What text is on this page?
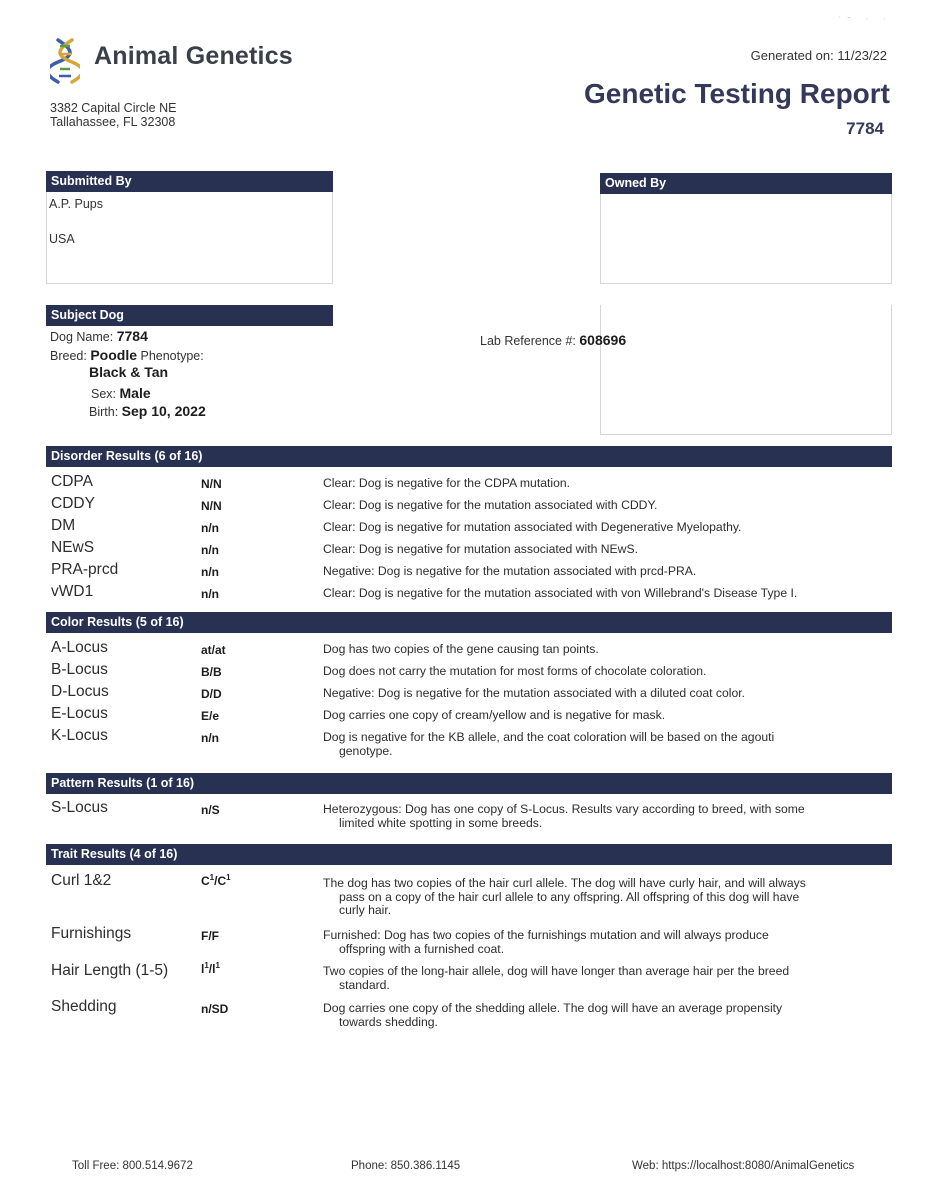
Animal Genetics
3382 Capital Circle NE
Tallahassee, FL 32308
˙ˉ ˑ ˑ
Generated on: 11/23/22
Genetic Testing Report
7784
Submitted By
A.P. Pups
USA
Owned By
Subject Dog
Dog Name: 7784
Breed: Poodle Phenotype:
Black & Tan
Sex: Male
Birth: Sep 10, 2022
Lab Reference #: 608696
Disorder Results (6 of 16)
CDPA	N/N	Clear: Dog is negative for the CDPA mutation.
CDDY	N/N	Clear: Dog is negative for the mutation associated with CDDY.
DM	n/n	Clear: Dog is negative for mutation associated with Degenerative Myelopathy.
NEwS	n/n	Clear: Dog is negative for mutation associated with NEwS.
PRA-prcd	n/n	Negative: Dog is negative for the mutation associated with prcd-PRA.
vWD1	n/n	Clear: Dog is negative for the mutation associated with von Willebrand's Disease Type I.
Color Results (5 of 16)
A-Locus	at/at	Dog has two copies of the gene causing tan points.
B-Locus	B/B	Dog does not carry the mutation for most forms of chocolate coloration.
D-Locus	D/D	Negative: Dog is negative for the mutation associated with a diluted coat color.
E-Locus	E/e	Dog carries one copy of cream/yellow and is negative for mask.
K-Locus	n/n	Dog is negative for the KB allele, and the coat coloration will be based on the agouti
genotype.
Pattern Results (1 of 16)
S-Locus	n/S	Heterozygous: Dog has one copy of S-Locus. Results vary according to breed, with some
limited white spotting in some breeds.
Trait Results (4 of 16)
Curl 1&2	$C^1/C^1$	The dog has two copies of the hair curl allele. The dog will have curly hair, and will always
pass on a copy of the hair curl allele to any offspring. All offspring of this dog will have
curly hair.
Furnishings	F/F	Furnished: Dog has two copies of the furnishings mutation and will always produce
offspring with a furnished coat.
Hair Length (1-5)	$l^1/l^1$	Two copies of the long-hair allele, dog will have longer than average hair per the breed
standard.
Shedding	n/SD	Dog carries one copy of the shedding allele. The dog will have an average propensity
towards shedding.
Toll Free: 800.514.9672	Phone: 850.386.1145	Web: https://localhost:8080/AnimalGenetics
